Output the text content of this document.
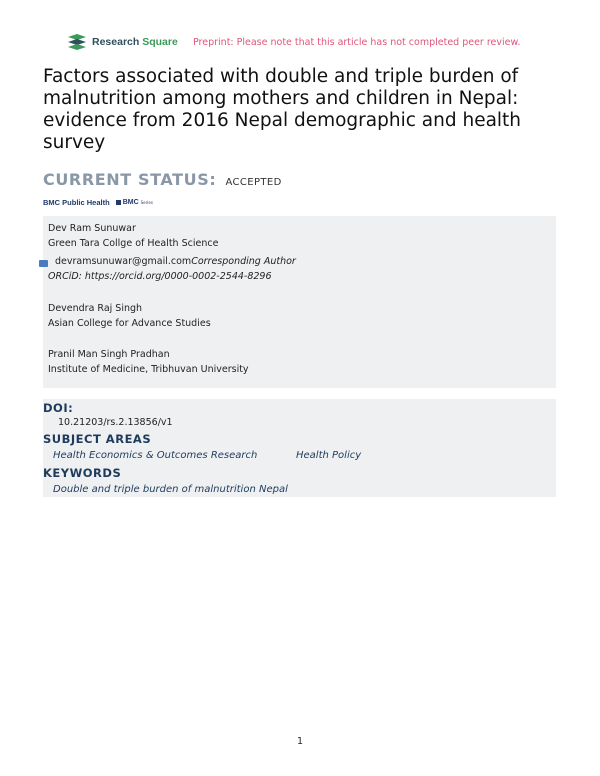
Research Square Preprint: Please note that this article has not completed peer review.
Factors associated with double and triple burden of malnutrition among mothers and children in Nepal: evidence from 2016 Nepal demographic and health survey
CURRENT STATUS: ACCEPTED
BMC Public Health BMC Series
Dev Ram Sunuwar
Green Tara Collge of Health Science
Devendra Raj Singh
Asian College for Advance Studies
Pranil Man Singh Pradhan
Institute of Medicine, Tribhuvan University
devramsunuwar@gmail.comCorresponding Author
ORCiD: https://orcid.org/0000-0002-2544-8296
DOI:
10.21203/rs.2.13856/v1
SUBJECT AREAS
Health Economics & Outcomes Research	Health Policy
KEYWORDS
Double and triple burden of malnutrition Nepal
1
